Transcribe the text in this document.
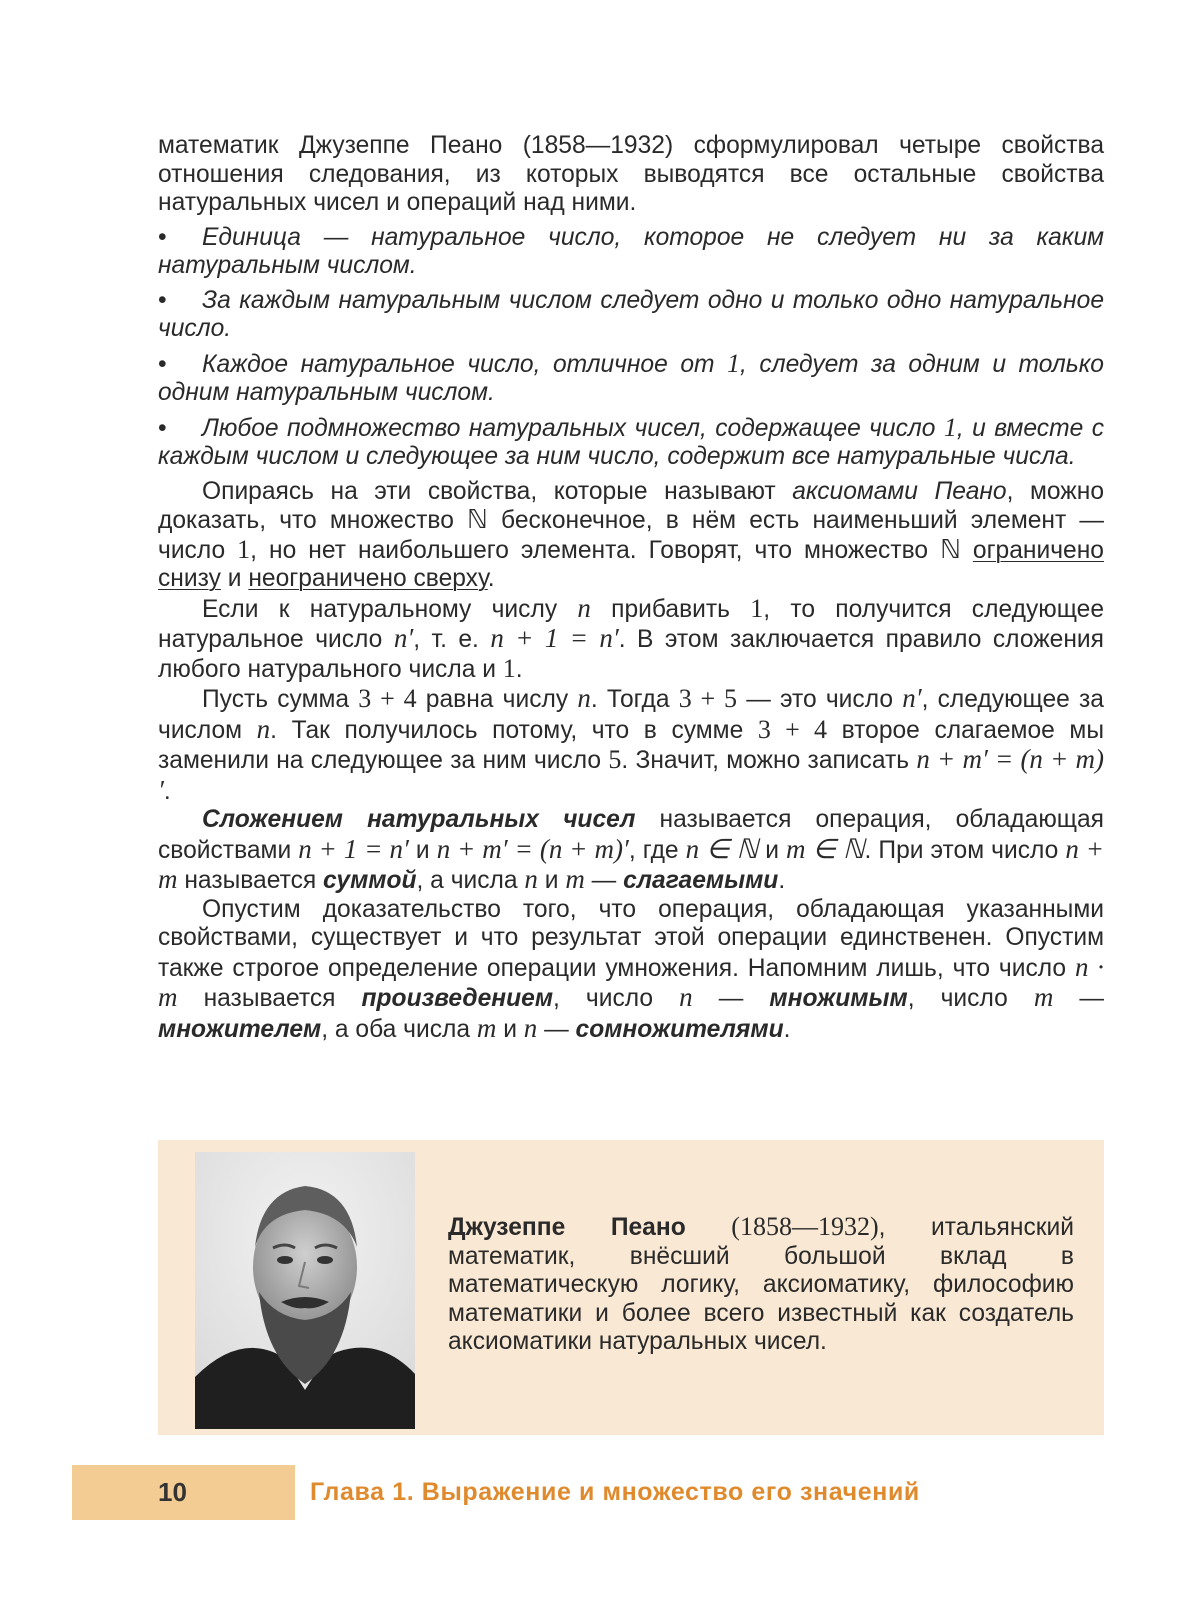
математик Джузеппе Пеано (1858—1932) сформулировал четыре свойства отношения следования, из которых выводятся все остальные свойства натуральных чисел и операций над ними.

• Единица — натуральное число, которое не следует ни за каким натуральным числом.

• За каждым натуральным числом следует одно и только одно натуральное число.

• Каждое натуральное число, отличное от 1, следует за одним и только одним натуральным числом.

• Любое подмножество натуральных чисел, содержащее число 1, и вместе с каждым числом и следующее за ним число, содержит все натуральные числа.

Опираясь на эти свойства, которые называют аксиомами Пеано, можно доказать, что множество ℕ бесконечное, в нём есть наименьший элемент — число 1, но нет наибольшего элемента. Говорят, что множество ℕ ограничено снизу и неограничено сверху.

Если к натуральному числу n прибавить 1, то получится следующее натуральное число n′, т. е. n + 1 = n′. В этом заключается правило сложения любого натурального числа и 1.

Пусть сумма 3 + 4 равна числу n. Тогда 3 + 5 — это число n′, следующее за числом n. Так получилось потому, что в сумме 3 + 4 второе слагаемое мы заменили на следующее за ним число 5. Значит, можно записать n + m′ = (n + m)′.

Сложением натуральных чисел называется операция, обладающая свойствами n + 1 = n′ и n + m′ = (n + m)′, где n ∈ ℕ и m ∈ ℕ. При этом число n + m называется суммой, а числа n и m — слагаемыми.

Опустим доказательство того, что операция, обладающая указанными свойствами, существует и что результат этой операции единственен. Опустим также строгое определение операции умножения. Напомним лишь, что число n · m называется произведением, число n — множимым, число m — множителем, а оба числа m и n — сомножителями.

Джузеппе Пеано (1858—1932), итальянский математик, внёсший большой вклад в математическую логику, аксиоматику, философию математики и более всего известный как создатель аксиоматики натуральных чисел.
10	Глава 1. Выражение и множество его значений
